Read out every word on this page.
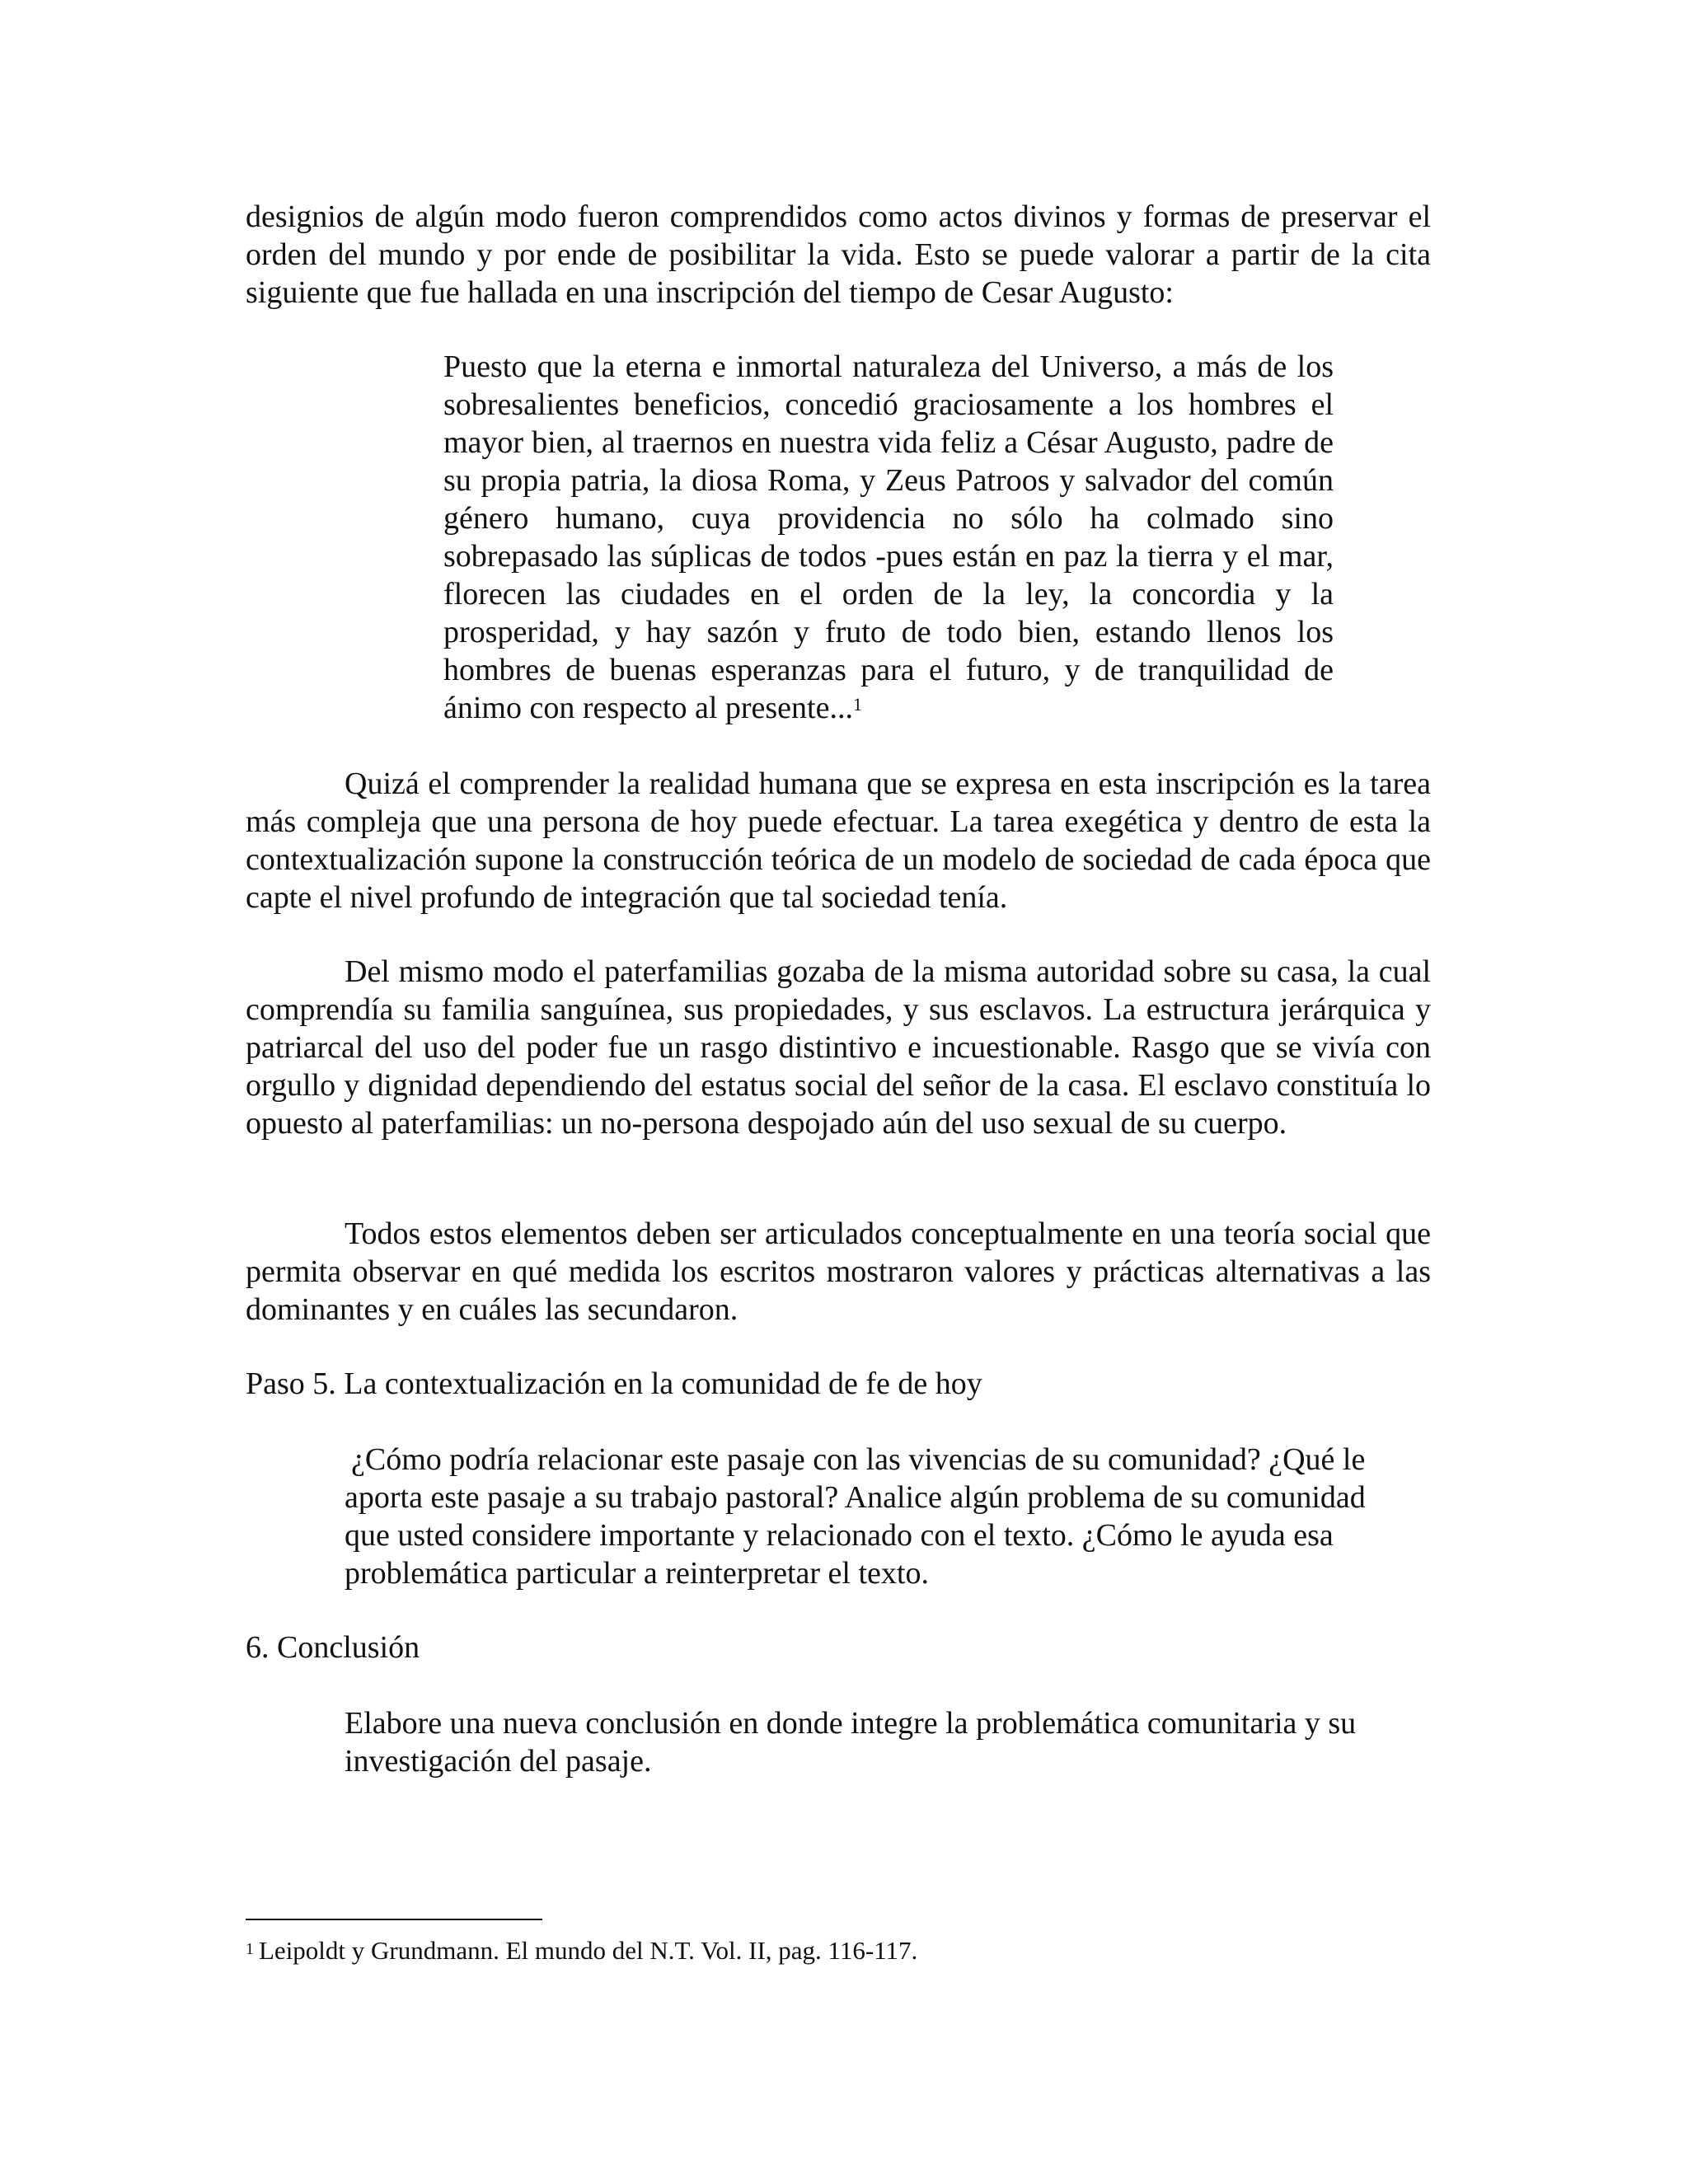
designios de algún modo fueron comprendidos como actos divinos y formas de preservar el orden del mundo y por ende de posibilitar la vida. Esto se puede valorar a partir de la cita siguiente que fue hallada en una inscripción del tiempo de Cesar Augusto:

Puesto que la eterna e inmortal naturaleza del Universo, a más de los sobresalientes beneficios, concedió graciosamente a los hombres el mayor bien, al traernos en nuestra vida feliz a César Augusto, padre de su propia patria, la diosa Roma, y Zeus Patroos y salvador del común género humano, cuya providencia no sólo ha colmado sino sobrepasado las súplicas de todos -pues están en paz la tierra y el mar, florecen las ciudades en el orden de la ley, la concordia y la prosperidad, y hay sazón y fruto de todo bien, estando llenos los hombres de buenas esperanzas para el futuro, y de tranquilidad de ánimo con respecto al presente...$^1$

Quizá el comprender la realidad humana que se expresa en esta inscripción es la tarea más compleja que una persona de hoy puede efectuar. La tarea exegética y dentro de esta la contextualización supone la construcción teórica de un modelo de sociedad de cada época que capte el nivel profundo de integración que tal sociedad tenía.

Del mismo modo el paterfamilias gozaba de la misma autoridad sobre su casa, la cual comprendía su familia sanguínea, sus propiedades, y sus esclavos. La estructura jerárquica y patriarcal del uso del poder fue un rasgo distintivo e incuestionable. Rasgo que se vivía con orgullo y dignidad dependiendo del estatus social del señor de la casa. El esclavo constituía lo opuesto al paterfamilias: un no-persona despojado aún del uso sexual de su cuerpo.

Todos estos elementos deben ser articulados conceptualmente en una teoría social que permita observar en qué medida los escritos mostraron valores y prácticas alternativas a las dominantes y en cuáles las secundaron.

Paso 5. La contextualización en la comunidad de fe de hoy

¿Cómo podría relacionar este pasaje con las vivencias de su comunidad? ¿Qué le aporta este pasaje a su trabajo pastoral? Analice algún problema de su comunidad que usted considere importante y relacionado con el texto. ¿Cómo le ayuda esa problemática particular a reinterpretar el texto.

6. Conclusión

Elabore una nueva conclusión en donde integre la problemática comunitaria y su investigación del pasaje.

$^1$ Leipoldt y Grundmann. El mundo del N.T. Vol. II, pag. 116-117.
